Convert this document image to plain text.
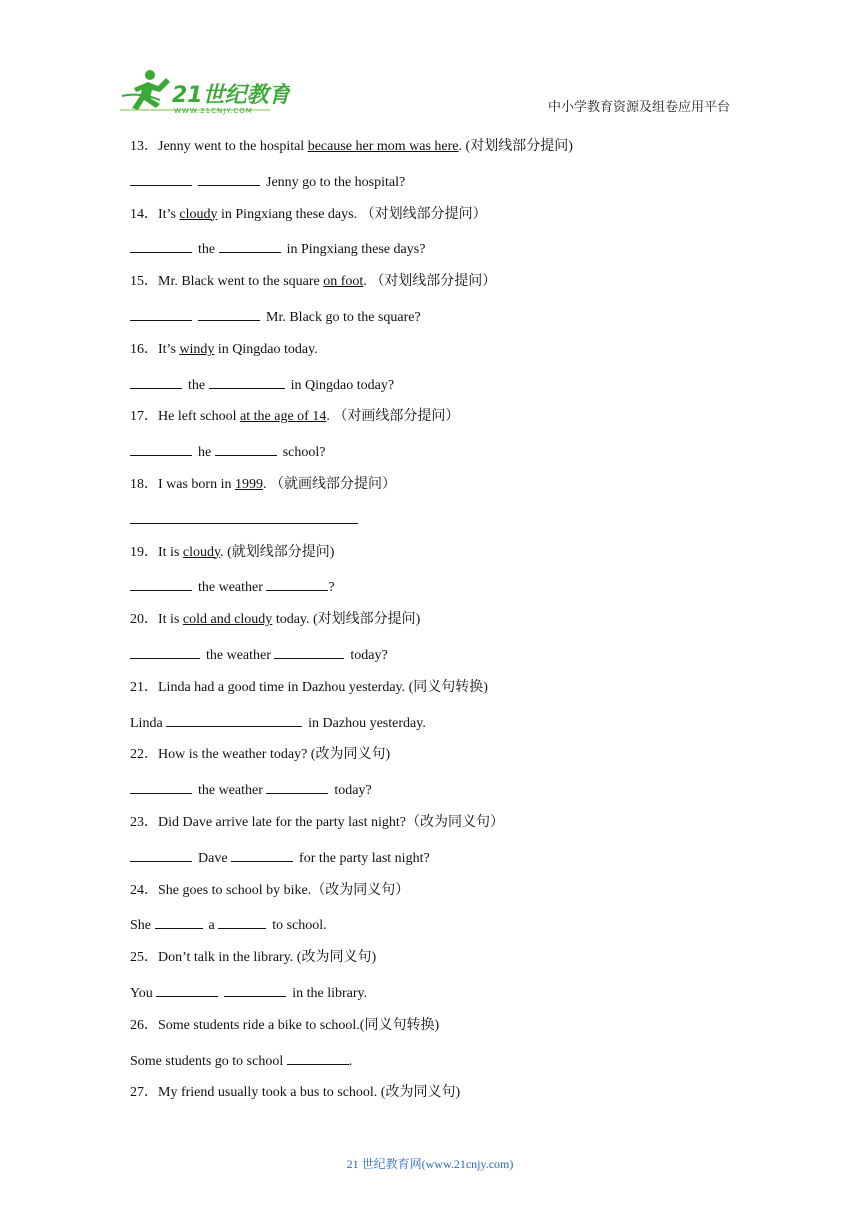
21世纪教育
WWW.21CNJY.COM	中小学教育资源及组卷应用平台
13．Jenny went to the hospital because her mom was here. (对划线部分提问)
Jenny go to the hospital?
14．It’s cloudy in Pingxiang these days. （对划线部分提问）
the	in Pingxiang these days?
15．Mr. Black went to the square on foot. （对划线部分提问）
Mr. Black go to the square?
16．It’s windy in Qingdao today.
the	in Qingdao today?
17．He left school at the age of 14. （对画线部分提问）
he	school?
18．I was born in 1999. （就画线部分提问）
19．It is cloudy. (就划线部分提问)
the weather	?
20．It is cold and cloudy today. (对划线部分提问)
the weather	today?
21．Linda had a good time in Dazhou yesterday. (同义句转换)
Linda	in Dazhou yesterday.
22．How is the weather today? (改为同义句)
the weather	today?
23．Did Dave arrive late for the party last night?（改为同义句）
Dave	for the party last night?
24．She goes to school by bike.（改为同义句）
She	a	to school.
25．Don’t talk in the library. (改为同义句)
You	in the library.
26．Some students ride a bike to school.(同义句转换)
Some students go to school	.
27．My friend usually took a bus to school. (改为同义句)
21 世纪教育网(www.21cnjy.com)
